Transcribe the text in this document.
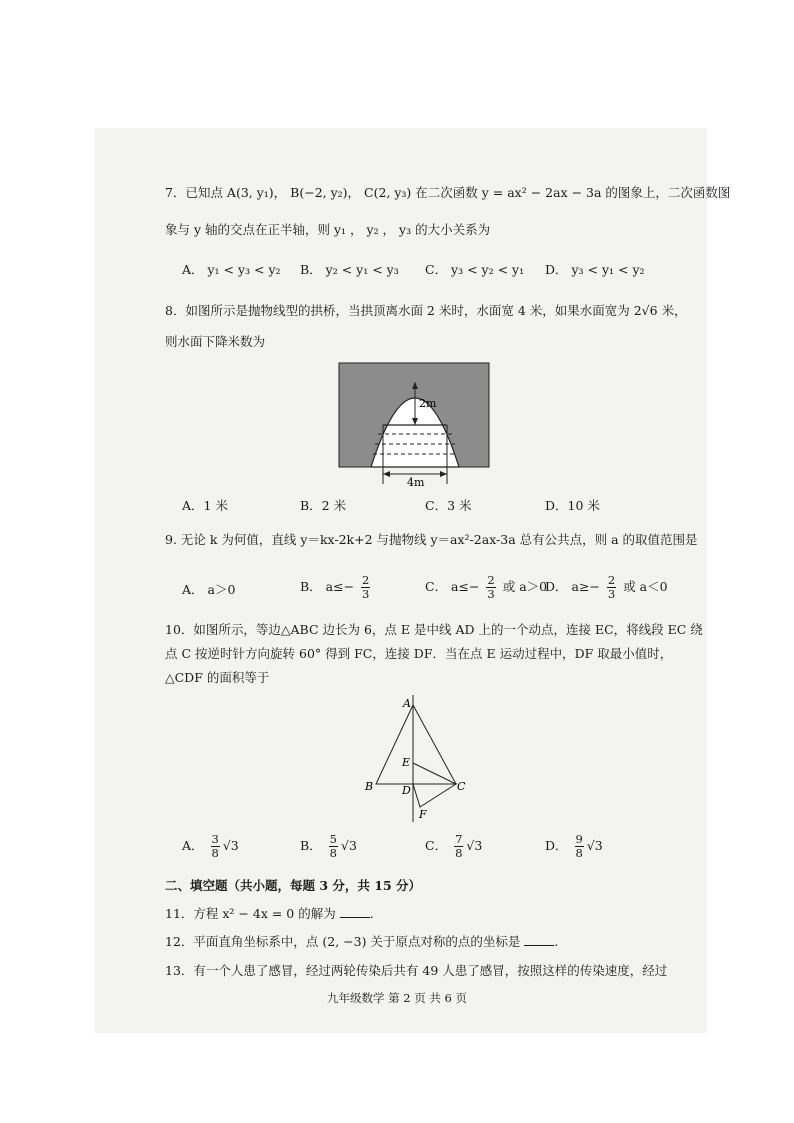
7．已知点 A(3, y₁)， B(−2, y₂)， C(2, y₃) 在二次函数 y = ax² − 2ax − 3a 的图象上，二次函数图
象与 y 轴的交点在正半轴，则 y₁ ， y₂ ， y₃ 的大小关系为
A． y₁ < y₃ < y₂ B． y₂ < y₁ < y₃ C． y₃ < y₂ < y₁ D． y₃ < y₁ < y₂
8．如图所示是抛物线型的拱桥，当拱顶离水面 2 米时，水面宽 4 米，如果水面宽为 2√6 米，
则水面下降米数为
2m
4m
A．1 米	B．2 米	C．3 米	D．10 米
9. 无论 k 为何值，直线 y＝kx-2k+2 与抛物线 y＝ax²-2ax-3a 总有公共点，则 a 的取值范围是
A． a＞0	B． $a\le- \frac{2}{3}$	C． $a\le- \frac{2}{3}$ 或 a＞0
D． $a\ge- \frac{2}{3}$ 或 a＜0
10．如图所示，等边△ABC 边长为 6，点 E 是中线 AD 上的一个动点，连接 EC，将线段 EC 绕
点 C 按逆时针方向旋转 60° 得到 FC，连接 DF．当在点 E 运动过程中，DF 取最小值时，
△CDF 的面积等于
A
E
B	D	C
F
A． $\frac{3}{8} √3$	B． $\frac{5}{8} √3$	C． $\frac{7}{8} √3$	D． $\frac{9}{8} √3$
二、填空题（共小题，每题 3 分，共 15 分）
11．方程 x² − 4x = 0 的解为	.
12．平面直角坐标系中，点 (2, −3) 关于原点对称的点的坐标是	.
13．有一个人患了感冒，经过两轮传染后共有 49 人患了感冒，按照这样的传染速度，经过
九年级数学 第 2 页 共 6 页
